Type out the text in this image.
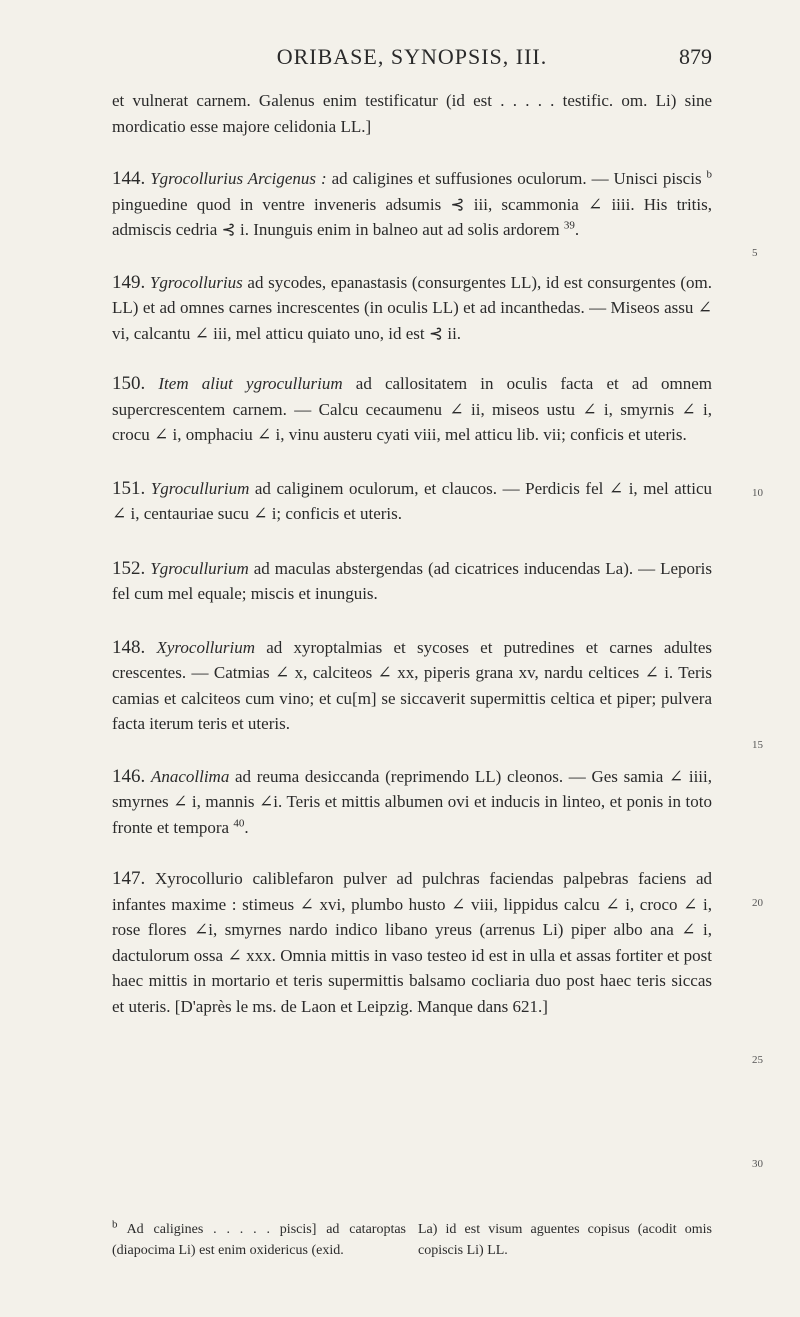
ORIBASE, SYNOPSIS, III.	879

et vulnerat carnem. Galenus enim testificatur (id est . . . . . testific. om. Li) sine mordicatio esse majore celidonia LL.]

144. Ygrocollurius Arcigenus : ad caligines et suffusiones oculorum. — Unisci piscis $^b$ pinguedine quod in ventre inveneris adsumis ⊰ iii, scammonia ∠ iiii. His tritis, admiscis cedria ⊰ i. Inunguis enim in balneo aut ad solis ardorem $^{39}$.

149. Ygrocollurius ad sycodes, epanastasis (consurgentes LL), id est consurgentes (om. LL) et ad omnes carnes increscentes (in oculis LL) et ad incanthedas. — Miseos assu ∠ vi, calcantu ∠ iii, mel atticu quiato uno, id est ⊰ ii.

150. Item aliut ygrocullurium ad callositatem in oculis facta et ad omnem supercrescentem carnem. — Calcu cecaumenu ∠ ii, miseos ustu ∠ i, smyrnis ∠ i, crocu ∠ i, omphaciu ∠ i, vinu austeru cyati viii, mel atticu lib. vii; conficis et uteris.

151. Ygrocullurium ad caliginem oculorum, et claucos. — Perdicis fel ∠ i, mel atticu ∠ i, centauriae sucu ∠ i; conficis et uteris.

152. Ygrocullurium ad maculas abstergendas (ad cicatrices inducendas La). — Leporis fel cum mel equale; miscis et inunguis.

148. Xyrocollurium ad xyroptalmias et sycoses et putredines et carnes adultes crescentes. — Catmias ∠ x, calciteos ∠ xx, piperis grana xv, nardu celtices ∠ i. Teris camias et calciteos cum vino; et cu[m] se siccaverit supermittis celtica et piper; pulvera facta iterum teris et uteris.

146. Anacollima ad reuma desiccanda (reprimendo LL) cleonos. — Ges samia ∠ iiii, smyrnes ∠ i, mannis ∠i. Teris et mittis albumen ovi et inducis in linteo, et ponis in toto fronte et tempora $^{40}$.

147. Xyrocollurio caliblefaron pulver ad pulchras faciendas palpebras faciens ad infantes maxime : stimeus ∠ xvi, plumbo husto ∠ viii, lippidus calcu ∠ i, croco ∠ i, rose flores ∠i, smyrnes nardo indico libano yreus (arrenus Li) piper albo ana ∠ i, dactulorum ossa ∠ xxx. Omnia mittis in vaso testeo id est in ulla et assas fortiter et post haec mittis in mortario et teris supermittis balsamo cocliaria duo post haec teris siccas et uteris. [D'après le ms. de Laon et Leipzig. Manque dans 621.]

5
10
15
20
25
30
$^b$ Ad caligines . . . . . piscis] ad cataroptas (diapocima Li) est enim oxidericus (exid.
La) id est visum aguentes copisus (acodit omis copiscis Li) LL.
